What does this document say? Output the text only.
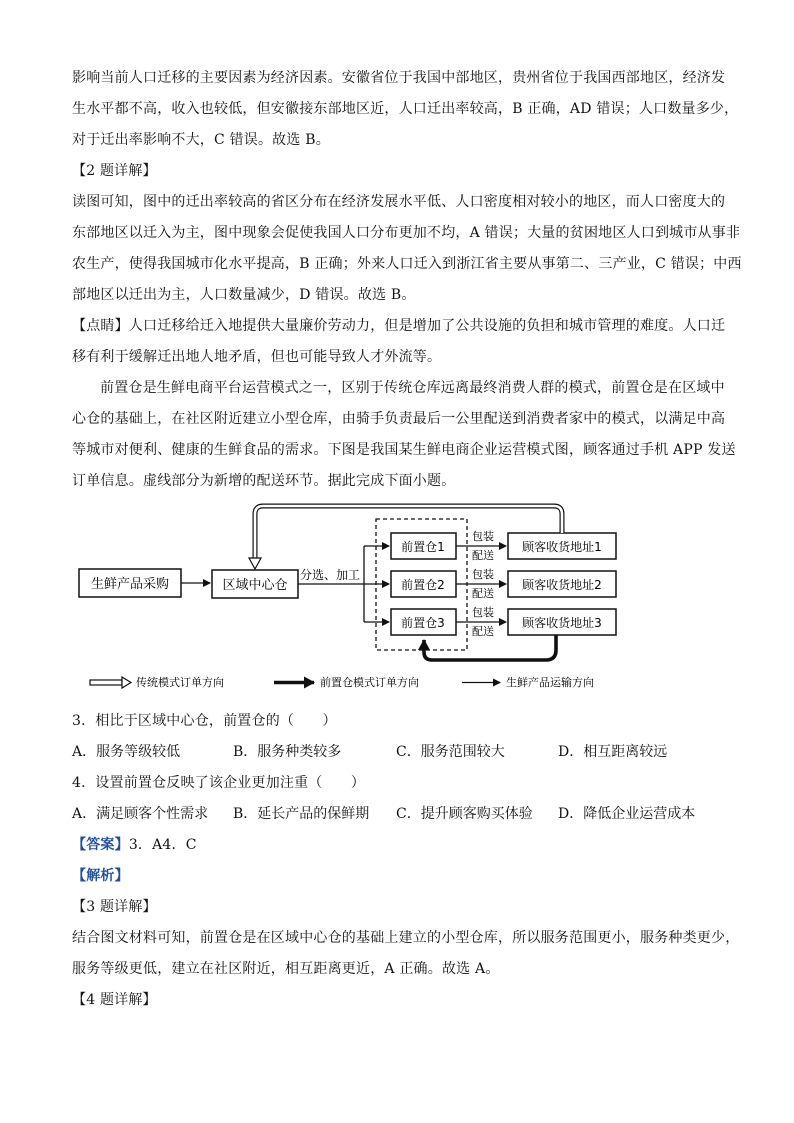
影响当前人口迁移的主要因素为经济因素。安徽省位于我国中部地区，贵州省位于我国西部地区，经济发
生水平都不高，收入也较低，但安徽接东部地区近，人口迁出率较高，B 正确，AD 错误；人口数量多少，
对于迁出率影响不大，C 错误。故选 B。
【2 题详解】
读图可知，图中的迁出率较高的省区分布在经济发展水平低、人口密度相对较小的地区，而人口密度大的
东部地区以迁入为主，图中现象会促使我国人口分布更加不均，A 错误；大量的贫困地区人口到城市从事非
农生产，使得我国城市化水平提高，B 正确；外来人口迁入到浙江省主要从事第二、三产业，C 错误；中西
部地区以迁出为主，人口数量减少，D 错误。故选 B。
【点睛】人口迁移给迁入地提供大量廉价劳动力，但是增加了公共设施的负担和城市管理的难度。人口迁
移有利于缓解迁出地人地矛盾，但也可能导致人才外流等。
前置仓是生鲜电商平台运营模式之一，区别于传统仓库远离最终消费人群的模式，前置仓是在区域中
心仓的基础上，在社区附近建立小型仓库，由骑手负责最后一公里配送到消费者家中的模式，以满足中高
等城市对便利、健康的生鲜食品的需求。下图是我国某生鲜电商企业运营模式图，顾客通过手机 APP 发送
订单信息。虚线部分为新增的配送环节。据此完成下面小题。
生鲜产品采购	区域中心仓
前置仓1
前置仓2
前置仓3
顾客收货地址1
顾客收货地址2
顾客收货地址3
分选、加工
包装
配送
包装
配送
包装
配送
传统模式订单方向	前置仓模式订单方向	生鲜产品运输方向
3．相比于区域中心仓，前置仓的（　　）
A．服务等级较低	B．服务种类较多	C．服务范围较大	D．相互距离较远
4．设置前置仓反映了该企业更加注重（　　）
A．满足顾客个性需求 B．延长产品的保鲜期 C．提升顾客购买体验 D．降低企业运营成本
【答案】3．A4．C
【解析】
【3 题详解】
结合图文材料可知，前置仓是在区域中心仓的基础上建立的小型仓库，所以服务范围更小，服务种类更少，
服务等级更低，建立在社区附近，相互距离更近，A 正确。故选 A。
【4 题详解】
